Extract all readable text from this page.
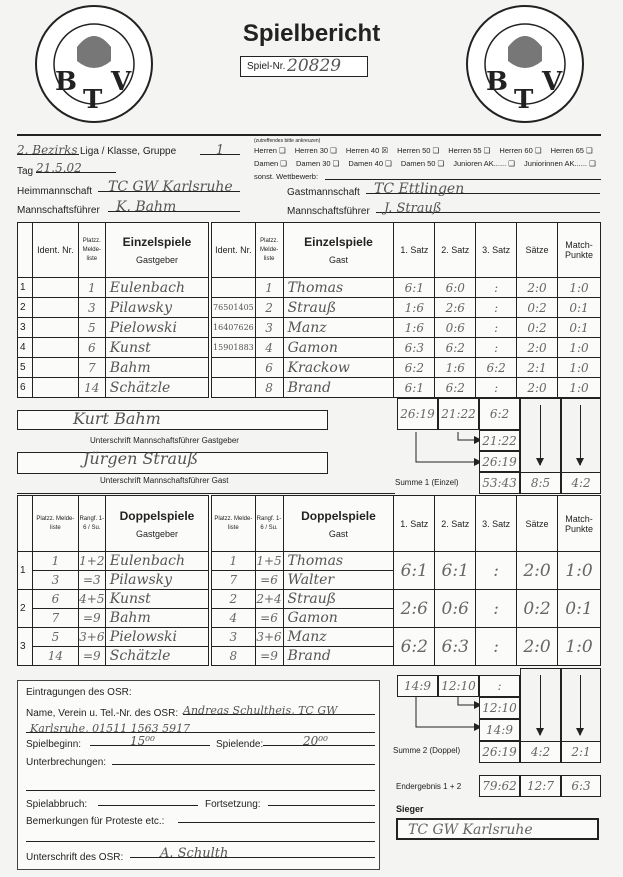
B
T
V	B
T
V
Spielbericht
Spiel-Nr. 20829
2. Bezirks Liga / Klasse, Gruppe	1
(zutreffendes bitte ankreuzen)
Herren ❑ Herren 30 ❑ Herren 40 ☒ Herren 50 ❑ Herren 55 ❑ Herren 60 ❑ Herren 65 ❑
Damen ❑ Damen 30 ❑ Damen 40 ❑ Damen 50 ❑ Junioren AK...... ❑ Juniorinnen AK...... ❑
sonst. Wettbewerb:
Tag 21.5.02
Heimmannschaft	TC GW Karlsruhe
Mannschaftsführer	K. Bahm
Gastmannschaft	TC Ettlingen
Mannschaftsführer	J. Strauß
	Ident. Nr.	Platzz. Melde- liste	Einzelspiele
Gastgeber	Ident. Nr.	Platzz. Melde- liste	Einzelspiele
Gast	1. Satz	2. Satz	3. Satz	Sätze	Match- Punkte
1		1	Eulenbach		1	Thomas	6:1	6:0	:	2:0	1:0
2		3	Pilawsky	76501405	2	Strauß	1:6	2:6	:	0:2	0:1
3		5	Pielowski	16407626	3	Manz	1:6	0:6	:	0:2	0:1
4		6	Kunst	15901883	4	Gamon	6:3	6:2	:	2:0	1:0
5		7	Bahm		6	Krackow	6:2	1:6	6:2	2:1	1:0
6		14	Schätzle		8	Brand	6:1	6:2	:	2:0	1:0
26:19 21:22	6:2
21:22
26:19
Summe 1 (Einzel) 53:43	8:5	4:2
Kurt Bahm
Unterschrift Mannschaftsführer Gastgeber
Jürgen Strauß
Unterschrift Mannschaftsführer Gast
	Platzz. Melde- liste	Rangf. 1-6 / Su.	Doppelspiele
Gastgeber	Platzz. Melde- liste	Rangf. 1-6 / Su.	Doppelspiele
Gast	1. Satz	2. Satz	3. Satz	Sätze	Match- Punkte
1	1	1+2	Eulenbach	1	1+5	Thomas	6:1	6:1	:	2:0	1:0
	3	=3	Pilawsky	7	=6	Walter					
2	6	4+5	Kunst	2	2+4	Strauß	2:6	0:6	:	0:2	0:1
	7	=9	Bahm	4	=6	Gamon					
3	5	3+6	Pielowski	3	3+6	Manz	6:2	6:3	:	2:0	1:0
	14	=9	Schätzle	8	=9	Brand					
14:9 12:10	:
12:10
14:9
Summe 2 (Doppel) 26:19	4:2	2:1
Endergebnis 1 + 2 79:62 12:7	6:3
Sieger
TC GW Karlsruhe
Eintragungen des OSR:
Name, Verein u. Tel.-Nr. des OSR: Andreas Schultheis, TC GW
Karlsruhe, 01511 1563 5917
Spielbeginn:	15⁰⁰	Spielende:	20⁰⁰
Unterbrechungen:
Spielabbruch:	Fortsetzung:
Bemerkungen für Proteste etc.:
Unterschrift des OSR:	A. Schulth
